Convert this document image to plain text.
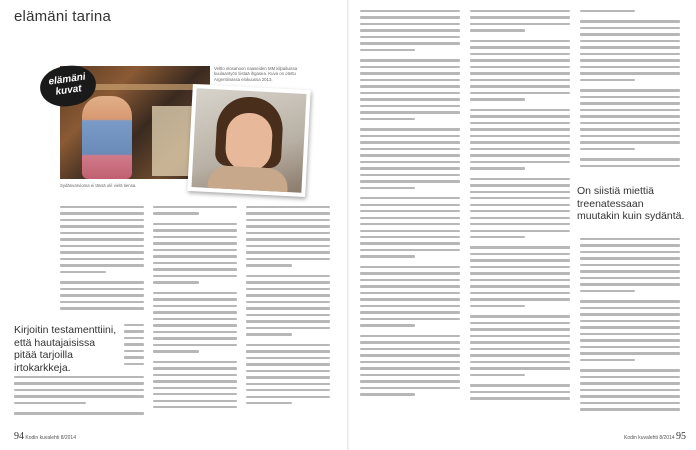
elämäni tarina
elämäni kuvat
Sydänvarvioma ei tässä olé vielä tiensa.
Veltto elosanoon naaseiden MM kilpailuissa kuulaantyön tiistaä ihgasea. Kuva on otettu Argentiinassa elokuussa 2013.
Kirjoitin testamenttiini, että hautajaisissa pitää tarjoilla irtokarkkeja.
94 Kodin kuvalehti 8/2014
On siistiä miettiä treenatessaan muutakin kuin sydäntä.
Kodin kuvalehti 8/2014 95
